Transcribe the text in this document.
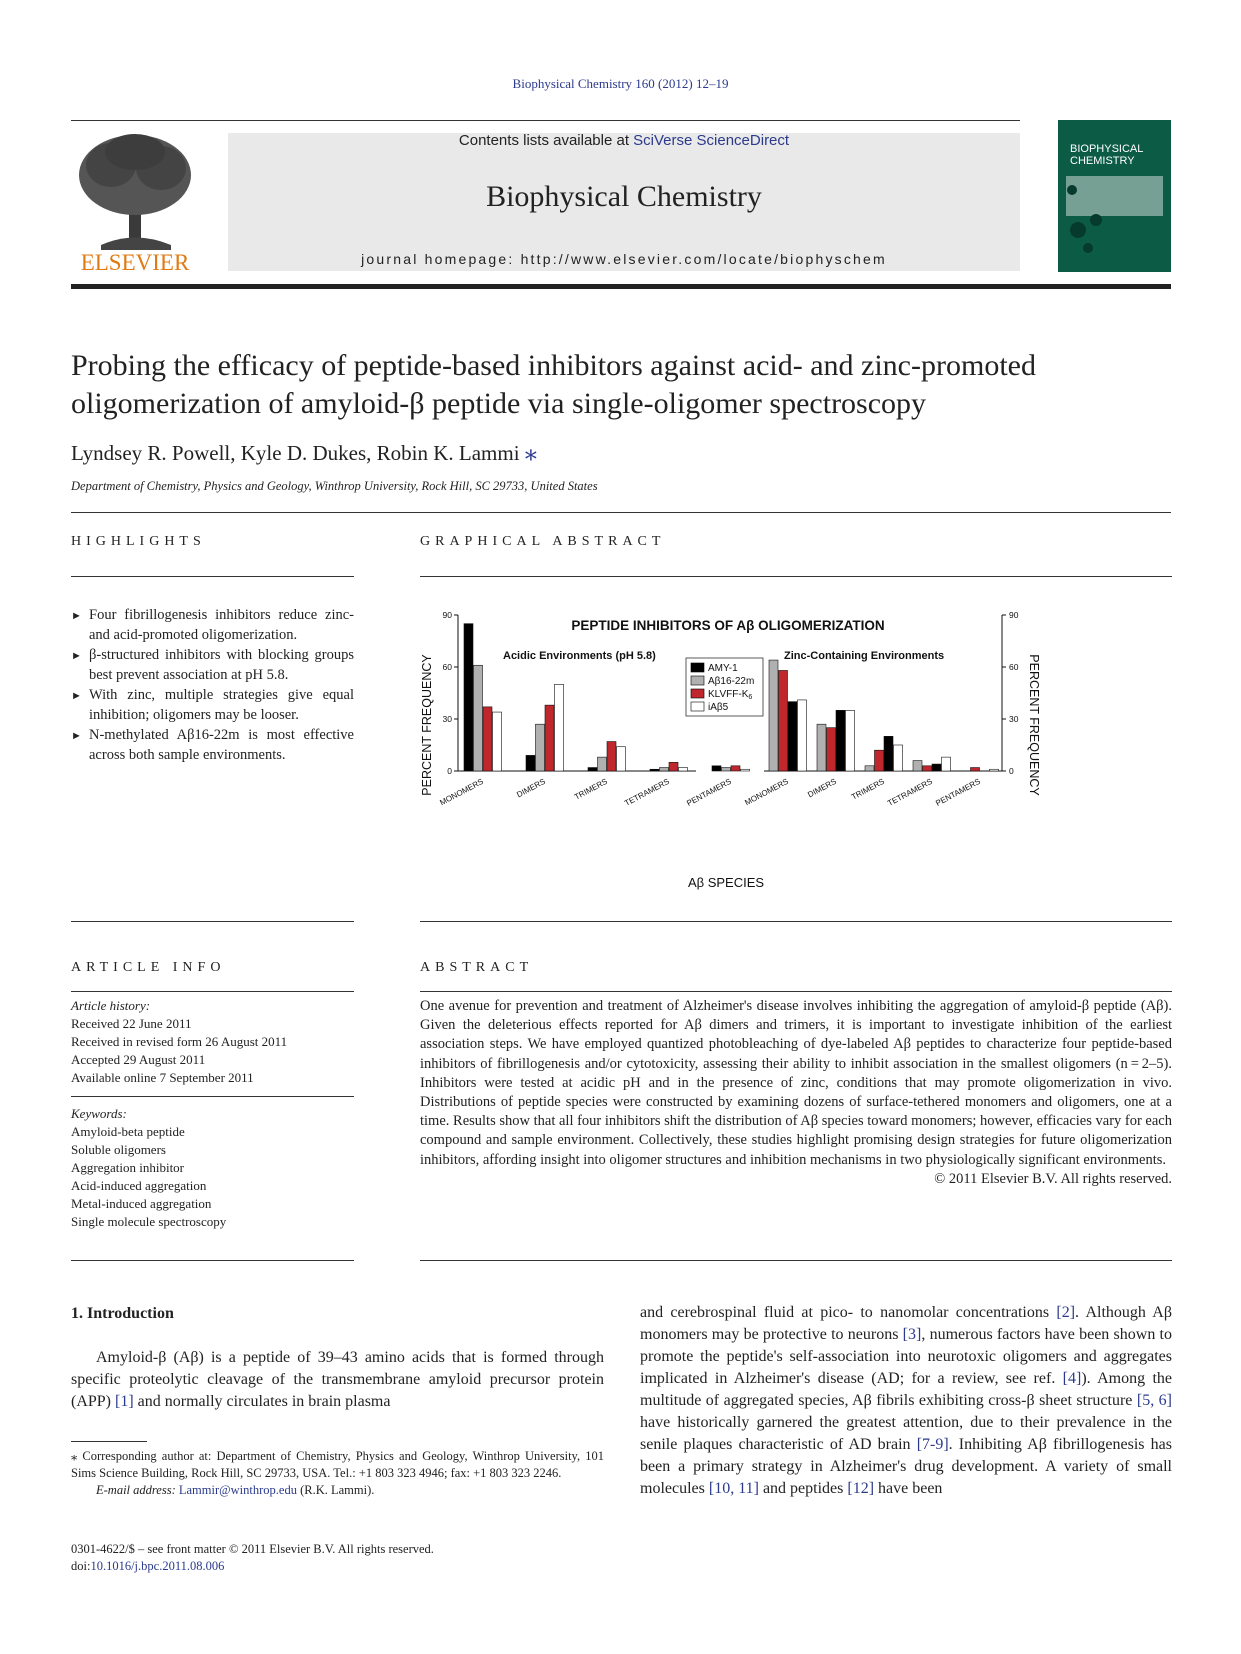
Biophysical Chemistry 160 (2012) 12–19
ELSEVIER
Contents lists available at SciVerse ScienceDirect
Biophysical Chemistry
journal homepage: http://www.elsevier.com/locate/biophyschem
BIOPHYSICAL
CHEMISTRY
Probing the efficacy of peptide-based inhibitors against acid- and zinc-promoted
oligomerization of amyloid-β peptide via single-oligomer spectroscopy
Lyndsey R. Powell, Kyle D. Dukes, Robin K. Lammi ⁎
Department of Chemistry, Physics and Geology, Winthrop University, Rock Hill, SC 29733, United States
HIGHLIGHTS
► Four fibrillogenesis inhibitors reduce zinc- and acid-promoted oligomerization.
► β-structured inhibitors with blocking groups best prevent association at pH 5.8.
► With zinc, multiple strategies give equal inhibition; oligomers may be looser.
► N-methylated Aβ16-22m is most effective across both sample environments.
GRAPHICAL ABSTRACT
PEPTIDE INHIBITORS OF Aβ OLIGOMERIZATION
Acidic Environments (pH 5.8)	Zinc-Containing Environments
PERCENT FREQUENCY	PERCENT FREQUENCY
Aβ SPECIES
0
30
60
90
MONOMERS	DIMERS	TRIMERS TETRAMERS PENTAMERS
0
30
60
90
MONOMERS DIMERS TRIMERS TETRAMERS PENTAMERS
AMY-1
Aβ16-22m
KLVFF-$K_6$
iAβ5
ARTICLE INFO
Article history:
Received 22 June 2011
Received in revised form 26 August 2011
Accepted 29 August 2011
Available online 7 September 2011
Keywords:
Amyloid-beta peptide
Soluble oligomers
Aggregation inhibitor
Acid-induced aggregation
Metal-induced aggregation
Single molecule spectroscopy
ABSTRACT
One avenue for prevention and treatment of Alzheimer's disease involves inhibiting the aggregation of amyloid-β peptide (Aβ). Given the deleterious effects reported for Aβ dimers and trimers, it is important to investigate inhibition of the earliest association steps. We have employed quantized photobleaching of dye-labeled Aβ peptides to characterize four peptide-based inhibitors of fibrillogenesis and/or cytotoxicity, assessing their ability to inhibit association in the smallest oligomers (n = 2–5). Inhibitors were tested at acidic pH and in the presence of zinc, conditions that may promote oligomerization in vivo. Distributions of peptide species were constructed by examining dozens of surface-tethered monomers and oligomers, one at a time. Results show that all four inhibitors shift the distribution of Aβ species toward monomers; however, efficacies vary for each compound and sample environment. Collectively, these studies highlight promising design strategies for future oligomerization inhibitors, affording insight into oligomer structures and inhibition mechanisms in two physiologically significant environments.
© 2011 Elsevier B.V. All rights reserved.
1. Introduction
Amyloid-β (Aβ) is a peptide of 39–43 amino acids that is formed through specific proteolytic cleavage of the transmembrane amyloid precursor protein (APP) [1] and normally circulates in brain plasma
and cerebrospinal fluid at pico- to nanomolar concentrations [2]. Although Aβ monomers may be protective to neurons [3], numerous factors have been shown to promote the peptide's self-association into neurotoxic oligomers and aggregates implicated in Alzheimer's disease (AD; for a review, see ref. [4]). Among the multitude of aggregated species, Aβ fibrils exhibiting cross-β sheet structure [5, 6] have historically garnered the greatest attention, due to their prevalence in the senile plaques characteristic of AD brain [7-9]. Inhibiting Aβ fibrillogenesis has been a primary strategy in Alzheimer's drug development. A variety of small molecules [10, 11] and peptides [12] have been
⁎ Corresponding author at: Department of Chemistry, Physics and Geology, Winthrop University, 101 Sims Science Building, Rock Hill, SC 29733, USA. Tel.: +1 803 323 4946; fax: +1 803 323 2246.
E-mail address: Lammir@winthrop.edu (R.K. Lammi).
0301-4622/$ – see front matter © 2011 Elsevier B.V. All rights reserved.
doi:10.1016/j.bpc.2011.08.006
